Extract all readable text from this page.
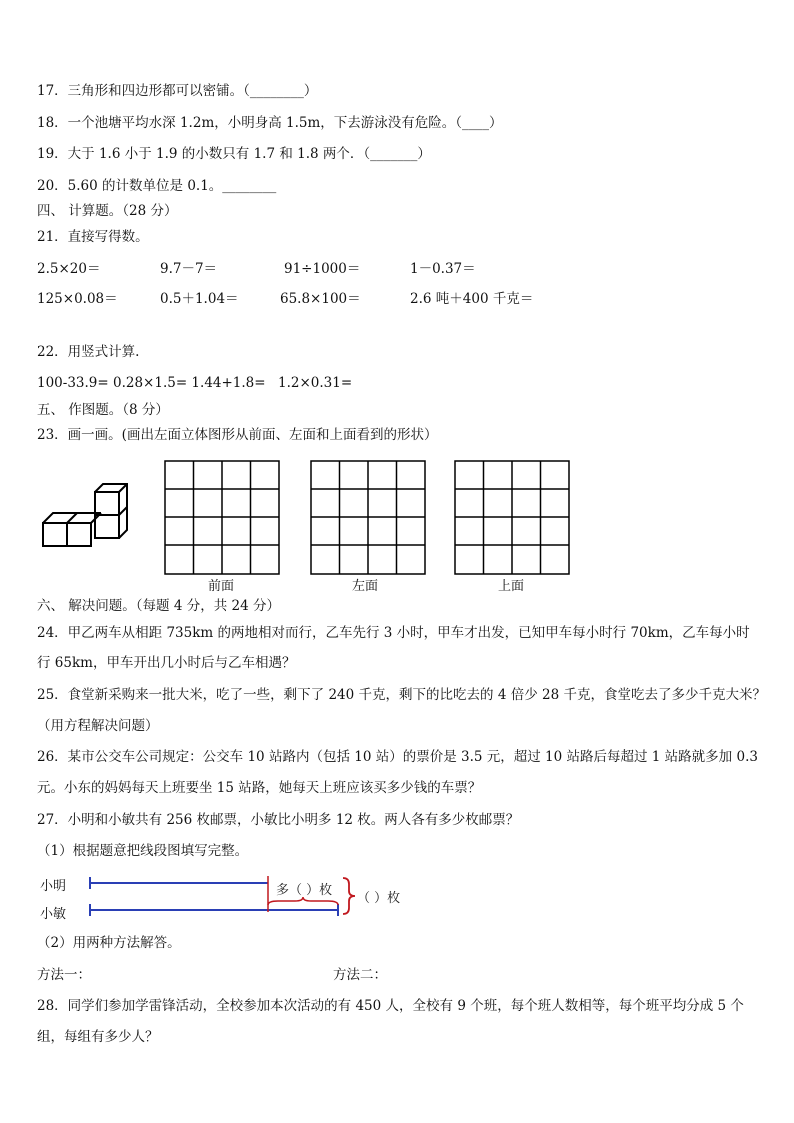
17．三角形和四边形都可以密铺。（________）
18．一个池塘平均水深 1.2m，小明身高 1.5m，下去游泳没有危险。（____）
19．大于 1.6 小于 1.9 的小数只有 1.7 和 1.8 两个．（_______）
20．5.60 的计数单位是 0.1。________
四、 计算题。（28 分）
21．直接写得数。
2.5×20＝	9.7－7＝	91÷1000＝	1－0.37＝
125×0.08＝	0.5＋1.04＝	65.8×100＝	2.6 吨＋400 千克＝
22．用竖式计算.
100-33.9= 0.28×1.5= 1.44+1.8= 1.2×0.31=
五、 作图题。（8 分）
23．画一画。(画出左面立体图形从前面、左面和上面看到的形状）
前面	左面	上面
六、 解决问题。（每题 4 分，共 24 分）
24．甲乙两车从相距 735km 的两地相对而行，乙车先行 3 小时，甲车才出发，已知甲车每小时行 70km，乙车每小时
行 65km，甲车开出几小时后与乙车相遇？
25．食堂新采购来一批大米，吃了一些，剩下了 240 千克，剩下的比吃去的 4 倍少 28 千克，食堂吃去了多少千克大米？
（用方程解决问题）
26．某市公交车公司规定：公交车 10 站路内（包括 10 站）的票价是 3.5 元，超过 10 站路后每超过 1 站路就多加 0.3
元。小东的妈妈每天上班要坐 15 站路，她每天上班应该买多少钱的车票？
27．小明和小敏共有 256 枚邮票，小敏比小明多 12 枚。两人各有多少枚邮票？
（1）根据题意把线段图填写完整。
小明
小敏
多（ ）枚
（ ）枚
（2）用两种方法解答。
方法一：	方法二：
28．同学们参加学雷锋活动，全校参加本次活动的有 450 人，全校有 9 个班，每个班人数相等，每个班平均分成 5 个
组，每组有多少人？
